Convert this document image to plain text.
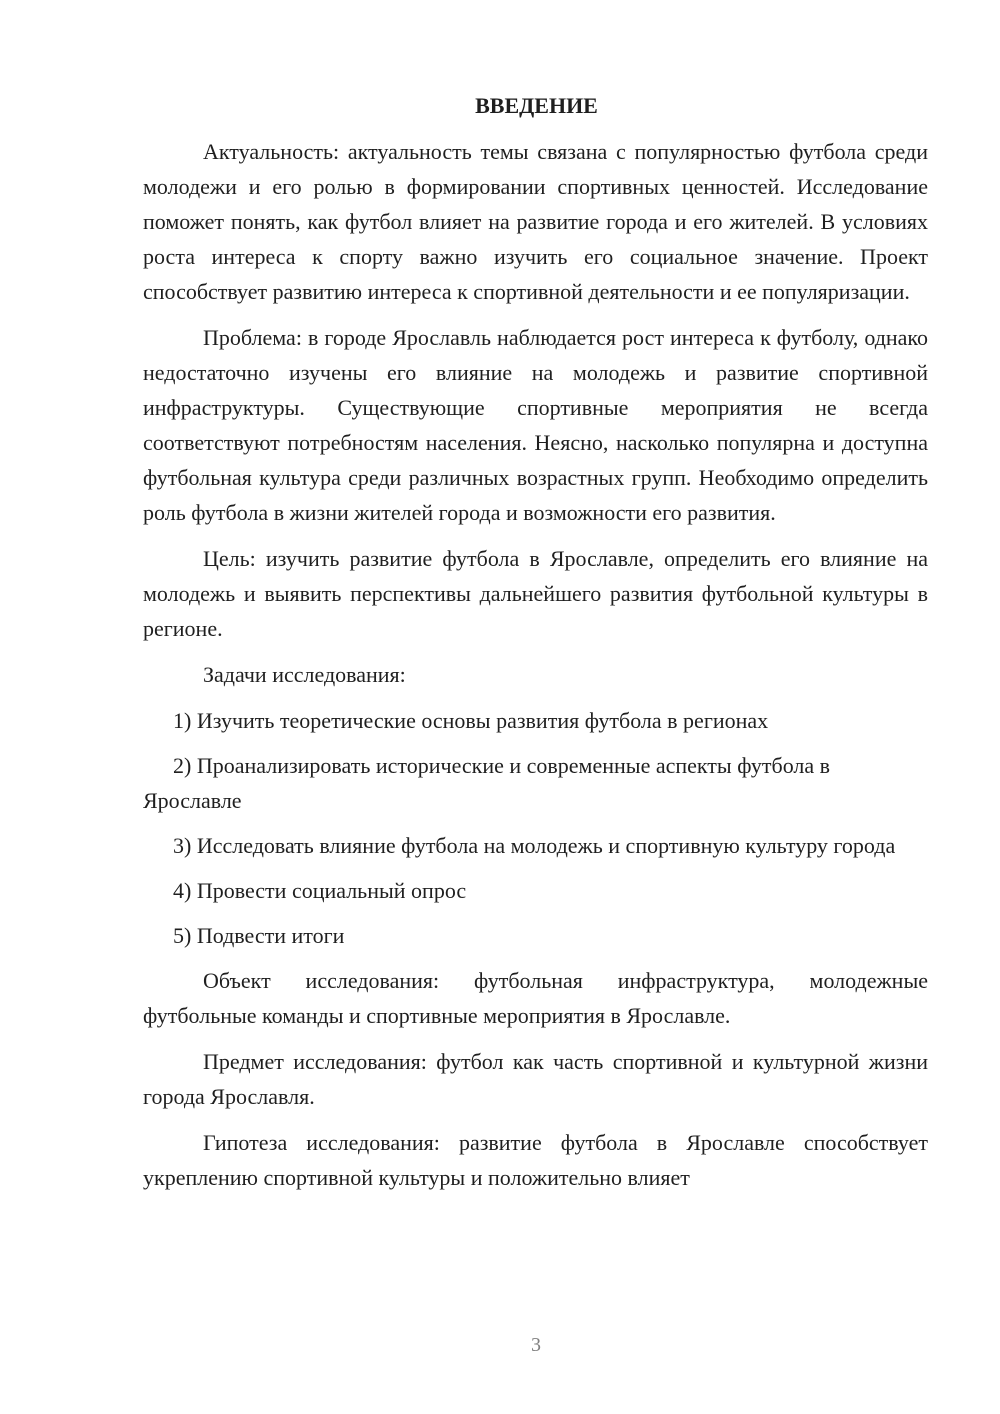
ВВЕДЕНИЕ

Актуальность: актуальность темы связана с популярностью футбола среди молодежи и его ролью в формировании спортивных ценностей. Исследование поможет понять, как футбол влияет на развитие города и его жителей. В условиях роста интереса к спорту важно изучить его социальное значение. Проект способствует развитию интереса к спортивной деятельности и ее популяризации.

Проблема: в городе Ярославль наблюдается рост интереса к футболу, однако недостаточно изучены его влияние на молодежь и развитие спортивной инфраструктуры. Существующие спортивные мероприятия не всегда соответствуют потребностям населения. Неясно, насколько популярна и доступна футбольная культура среди различных возрастных групп. Необходимо определить роль футбола в жизни жителей города и возможности его развития.

Цель: изучить развитие футбола в Ярославле, определить его влияние на молодежь и выявить перспективы дальнейшего развития футбольной культуры в регионе.

Задачи исследования:

1) Изучить теоретические основы развития футбола в регионах

2) Проанализировать исторические и современные аспекты футбола в Ярославле

3) Исследовать влияние футбола на молодежь и спортивную культуру города

4) Провести социальный опрос

5) Подвести итоги

Объект исследования: футбольная инфраструктура, молодежные футбольные команды и спортивные мероприятия в Ярославле.

Предмет исследования: футбол как часть спортивной и культурной жизни города Ярославля.

Гипотеза исследования: развитие футбола в Ярославле способствует укреплению спортивной культуры и положительно влияет

3
